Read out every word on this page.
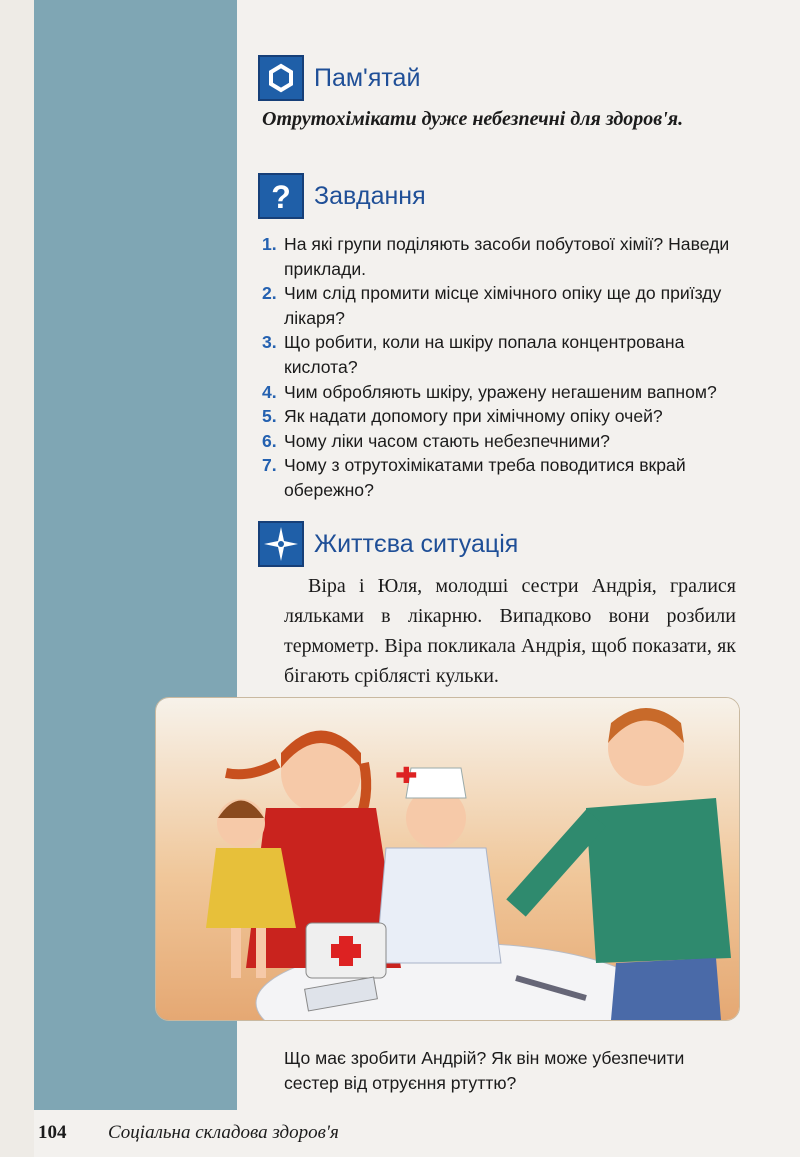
Пам'ятай
Отрутохімікати дуже небезпечні для здоров'я.
? Завдання
1. На які групи поділяють засоби побутової хімії? Наведи приклади.
2. Чим слід промити місце хімічного опіку ще до приїзду лікаря?
3. Що робити, коли на шкіру попала концентрована кислота?
4. Чим обробляють шкіру, уражену негашеним вапном?
5. Як надати допомогу при хімічному опіку очей?
6. Чому ліки часом стають небезпечними?
7. Чому з отрутохімікатами треба поводитися вкрай обережно?
Життєва ситуація
Віра і Юля, молодші сестри Андрія, гралися ляльками в лікарню. Випадково вони розбили термометр. Віра покликала Андрія, щоб показати, як бігають сріблясті кульки.
Що має зробити Андрій? Як він може убезпечити сестер від отруєння ртуттю?
104 Соціальна складова здоров'я
